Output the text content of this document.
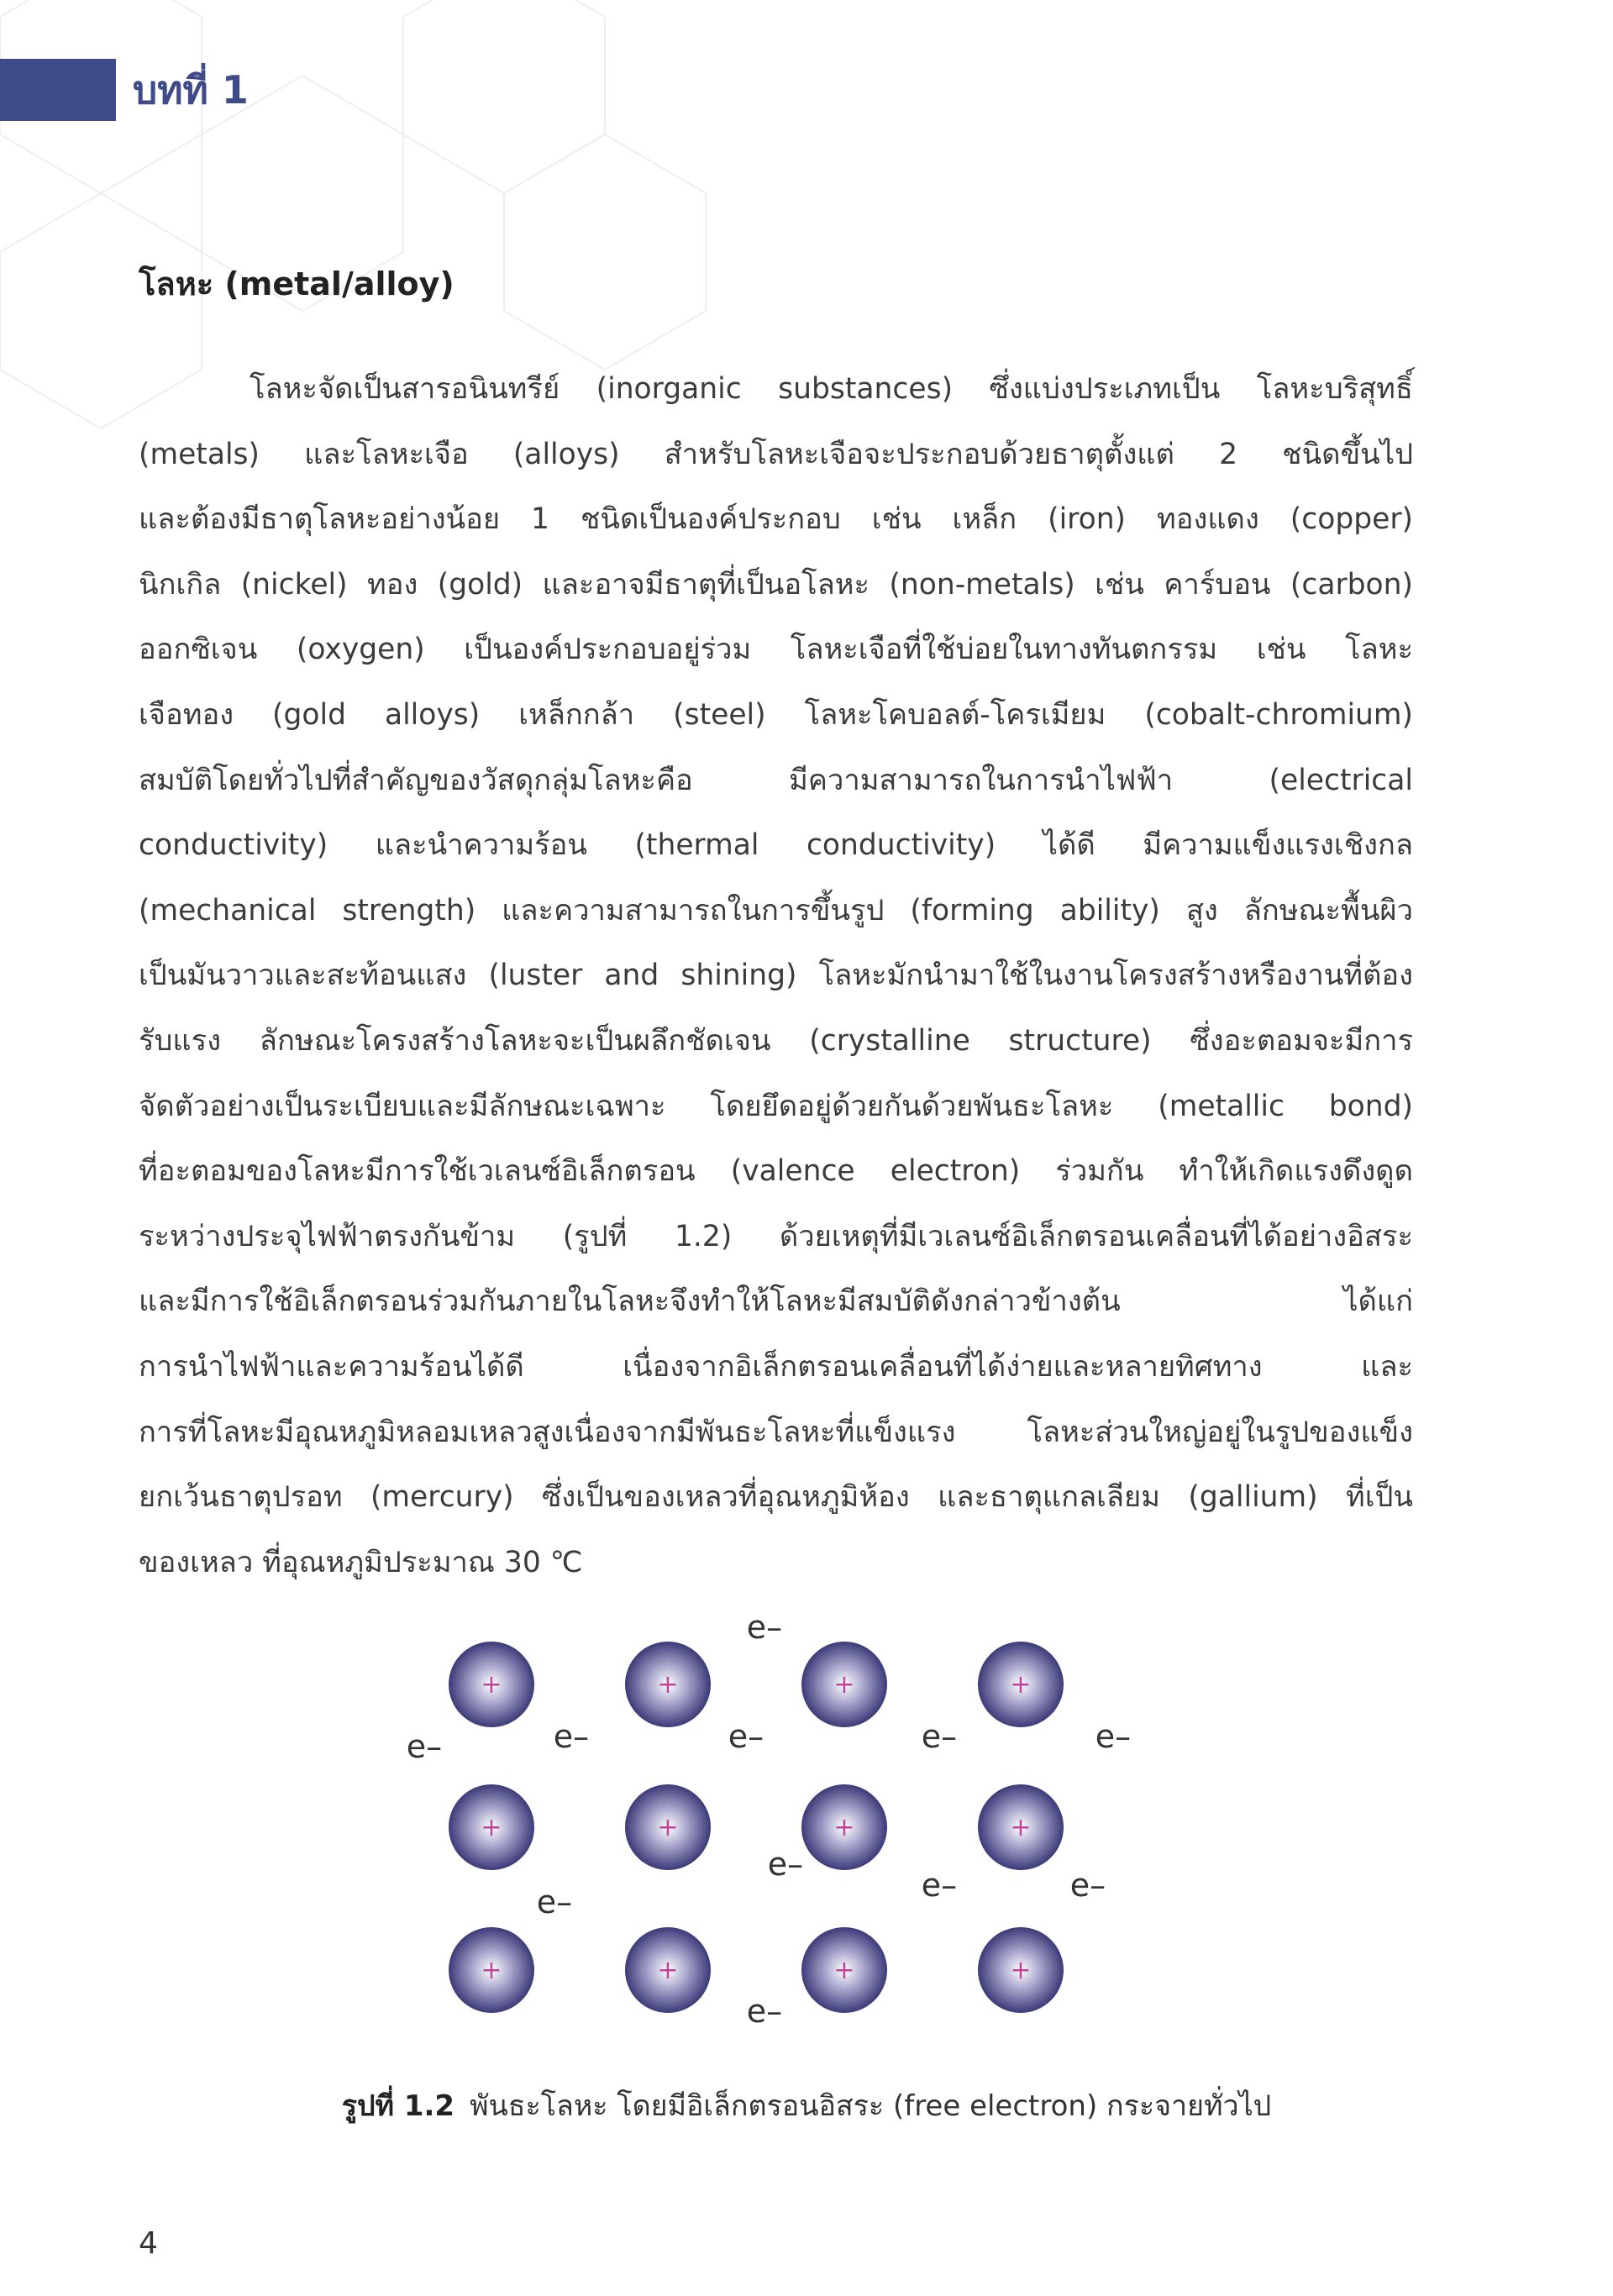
บทที่ 1
โลหะ (metal/alloy)
โลหะจัดเป็นสารอนินทรีย์ (inorganic substances) ซึ่งแบ่งประเภทเป็น โลหะบริสุทธิ์
(metals) และโลหะเจือ (alloys) สำหรับโลหะเจือจะประกอบด้วยธาตุตั้งแต่ 2 ชนิดขึ้นไป
และต้องมีธาตุโลหะอย่างน้อย 1 ชนิดเป็นองค์ประกอบ เช่น เหล็ก (iron) ทองแดง (copper)
นิกเกิล (nickel) ทอง (gold) และอาจมีธาตุที่เป็นอโลหะ (non-metals) เช่น คาร์บอน (carbon)
ออกซิเจน (oxygen) เป็นองค์ประกอบอยู่ร่วม โลหะเจือที่ใช้บ่อยในทางทันตกรรม เช่น โลหะ
เจือทอง (gold alloys) เหล็กกล้า (steel) โลหะโคบอลต์-โครเมียม (cobalt-chromium)
สมบัติโดยทั่วไปที่สำคัญของวัสดุกลุ่มโลหะคือ มีความสามารถในการนำไฟฟ้า (electrical
conductivity) และนำความร้อน (thermal conductivity) ได้ดี มีความแข็งแรงเชิงกล
(mechanical strength) และความสามารถในการขึ้นรูป (forming ability) สูง ลักษณะพื้นผิว
เป็นมันวาวและสะท้อนแสง (luster and shining) โลหะมักนำมาใช้ในงานโครงสร้างหรืองานที่ต้อง
รับแรง ลักษณะโครงสร้างโลหะจะเป็นผลึกชัดเจน (crystalline structure) ซึ่งอะตอมจะมีการ
จัดตัวอย่างเป็นระเบียบและมีลักษณะเฉพาะ โดยยึดอยู่ด้วยกันด้วยพันธะโลหะ (metallic bond)
ที่อะตอมของโลหะมีการใช้เวเลนซ์อิเล็กตรอน (valence electron) ร่วมกัน ทำให้เกิดแรงดึงดูด
ระหว่างประจุไฟฟ้าตรงกันข้าม (รูปที่ 1.2) ด้วยเหตุที่มีเวเลนซ์อิเล็กตรอนเคลื่อนที่ได้อย่างอิสระ
และมีการใช้อิเล็กตรอนร่วมกันภายในโลหะจึงทำให้โลหะมีสมบัติดังกล่าวข้างต้น ได้แก่
การนำไฟฟ้าและความร้อนได้ดี เนื่องจากอิเล็กตรอนเคลื่อนที่ได้ง่ายและหลายทิศทาง และ
การที่โลหะมีอุณหภูมิหลอมเหลวสูงเนื่องจากมีพันธะโลหะที่แข็งแรง โลหะส่วนใหญ่อยู่ในรูปของแข็ง
ยกเว้นธาตุปรอท (mercury) ซึ่งเป็นของเหลวที่อุณหภูมิห้อง และธาตุแกลเลียม (gallium) ที่เป็น
ของเหลว ที่อุณหภูมิประมาณ 30 ℃
+	+	+	+
+	+	+	+
+	+	+	+
e–
e–	e–	e–	e–	e–
e–
e–	e–
e–
e–
รูปที่ 1.2 พันธะโลหะ โดยมีอิเล็กตรอนอิสระ (free electron) กระจายทั่วไป
4
